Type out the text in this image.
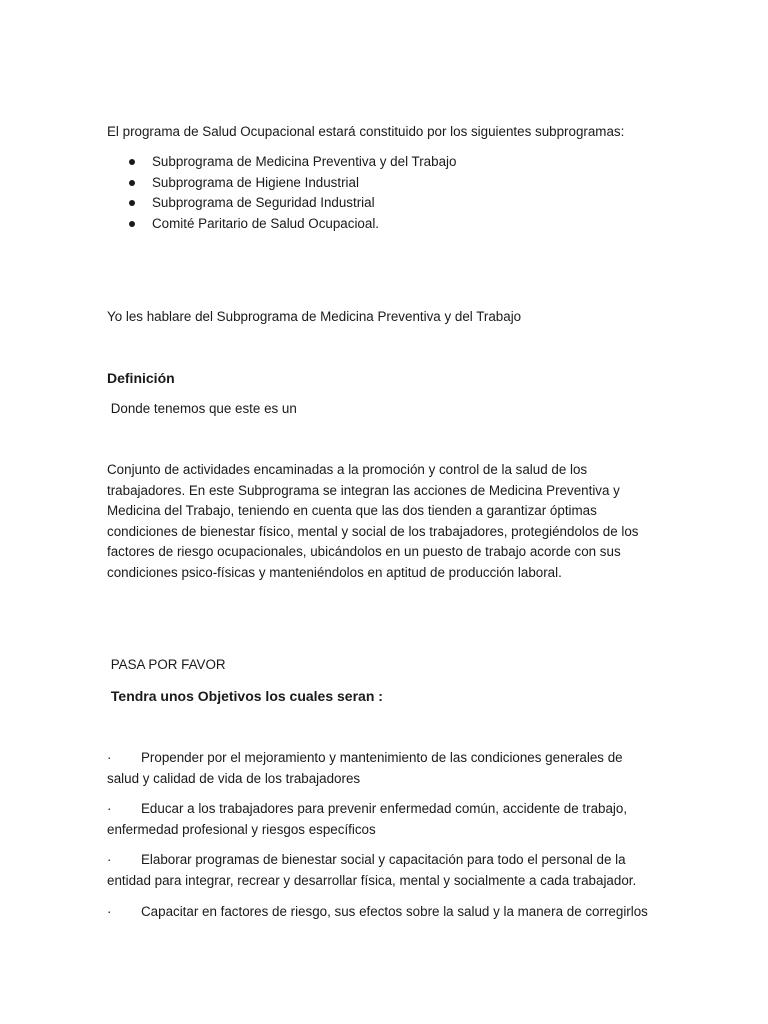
El programa de Salud Ocupacional estará constituido por los siguientes subprogramas:

Subprograma de Medicina Preventiva y del Trabajo
Subprograma de Higiene Industrial
Subprograma de Seguridad Industrial
Comité Paritario de Salud Ocupacioal.

Yo les hablare del Subprograma de Medicina Preventiva y del Trabajo

Definición

Donde tenemos que este es un

Conjunto de actividades encaminadas a la promoción y control de la salud de los trabajadores. En este Subprograma se integran las acciones de Medicina Preventiva y Medicina del Trabajo, teniendo en cuenta que las dos tienden a garantizar óptimas condiciones de bienestar físico, mental y social de los trabajadores, protegiéndolos de los factores de riesgo ocupacionales, ubicándolos en un puesto de trabajo acorde con sus condiciones psico-físicas y manteniéndolos en aptitud de producción laboral.

PASA POR FAVOR

Tendra unos Objetivos los cuales seran :

· Propender por el mejoramiento y mantenimiento de las condiciones generales de salud y calidad de vida de los trabajadores

· Educar a los trabajadores para prevenir enfermedad común, accidente de trabajo, enfermedad profesional y riesgos específicos

· Elaborar programas de bienestar social y capacitación para todo el personal de la entidad para integrar, recrear y desarrollar física, mental y socialmente a cada trabajador.

· Capacitar en factores de riesgo, sus efectos sobre la salud y la manera de corregirlos
